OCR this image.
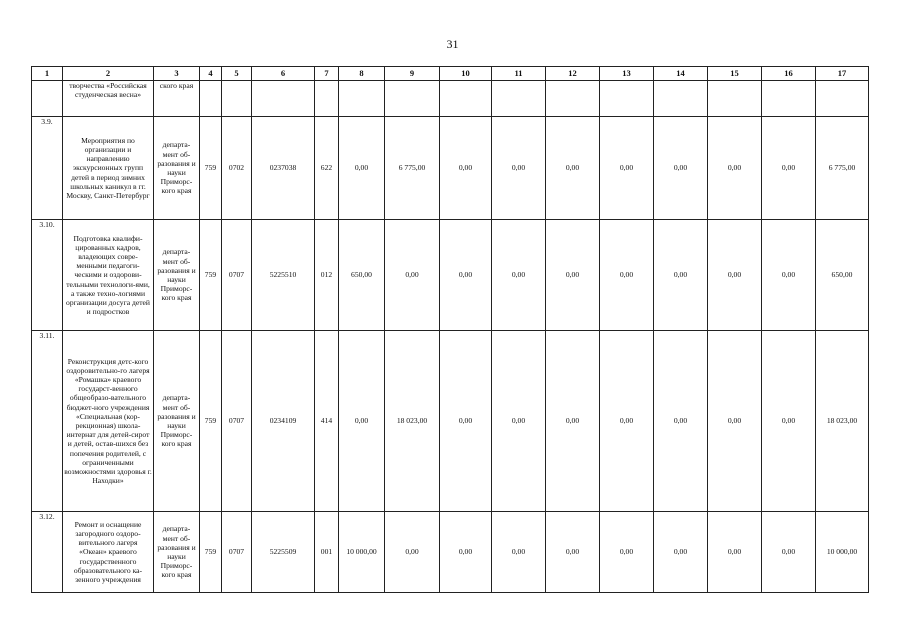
31
1	2	3	4	5	6	7	8	9	10	11	12	13	14	15	16	17
	творчества «Российская студенческая весна»	ского края														
3.9.	Мероприятия по организации и направлению экскурсионных групп детей в период зимних школьных каникул в гг. Москву, Санкт-Петербург	департа-мент об-разования и науки Приморс-кого края	759	0702	0237038	622	0,00	6 775,00	0,00	0,00	0,00	0,00	0,00	0,00	0,00	6 775,00
3.10.	Подготовка квалифи-цированных кадров, владеющих совре-менными педагоги-ческими и оздорови-тельными технологи-ями, а также техно-логиями организации досуга детей и подростков	департа-мент об-разования и науки Приморс-кого края	759	0707	5225510	012	650,00	0,00	0,00	0,00	0,00	0,00	0,00	0,00	0,00	650,00
3.11.	Реконструкция детс-кого оздоровительно-го лагеря «Ромашка» краевого государст-венного общеобразо-вательного бюджет-ного учреждения «Специальная (кор-рекционная) школа-интернат для детей-сирот и детей, остав-шихся без попечения родителей, с ограниченными возможностями здоровья г. Находки»	департа-мент об-разования и науки Приморс-кого края	759	0707	0234109	414	0,00	18 023,00	0,00	0,00	0,00	0,00	0,00	0,00	0,00	18 023,00
3.12.	Ремонт и оснащение загородного оздоро-вительного лагеря «Океан» краевого государственного образовательного ка-зенного учреждения	департа-мент об-разования и науки Приморс-кого края	759	0707	5225509	001	10 000,00	0,00	0,00	0,00	0,00	0,00	0,00	0,00	0,00	10 000,00
